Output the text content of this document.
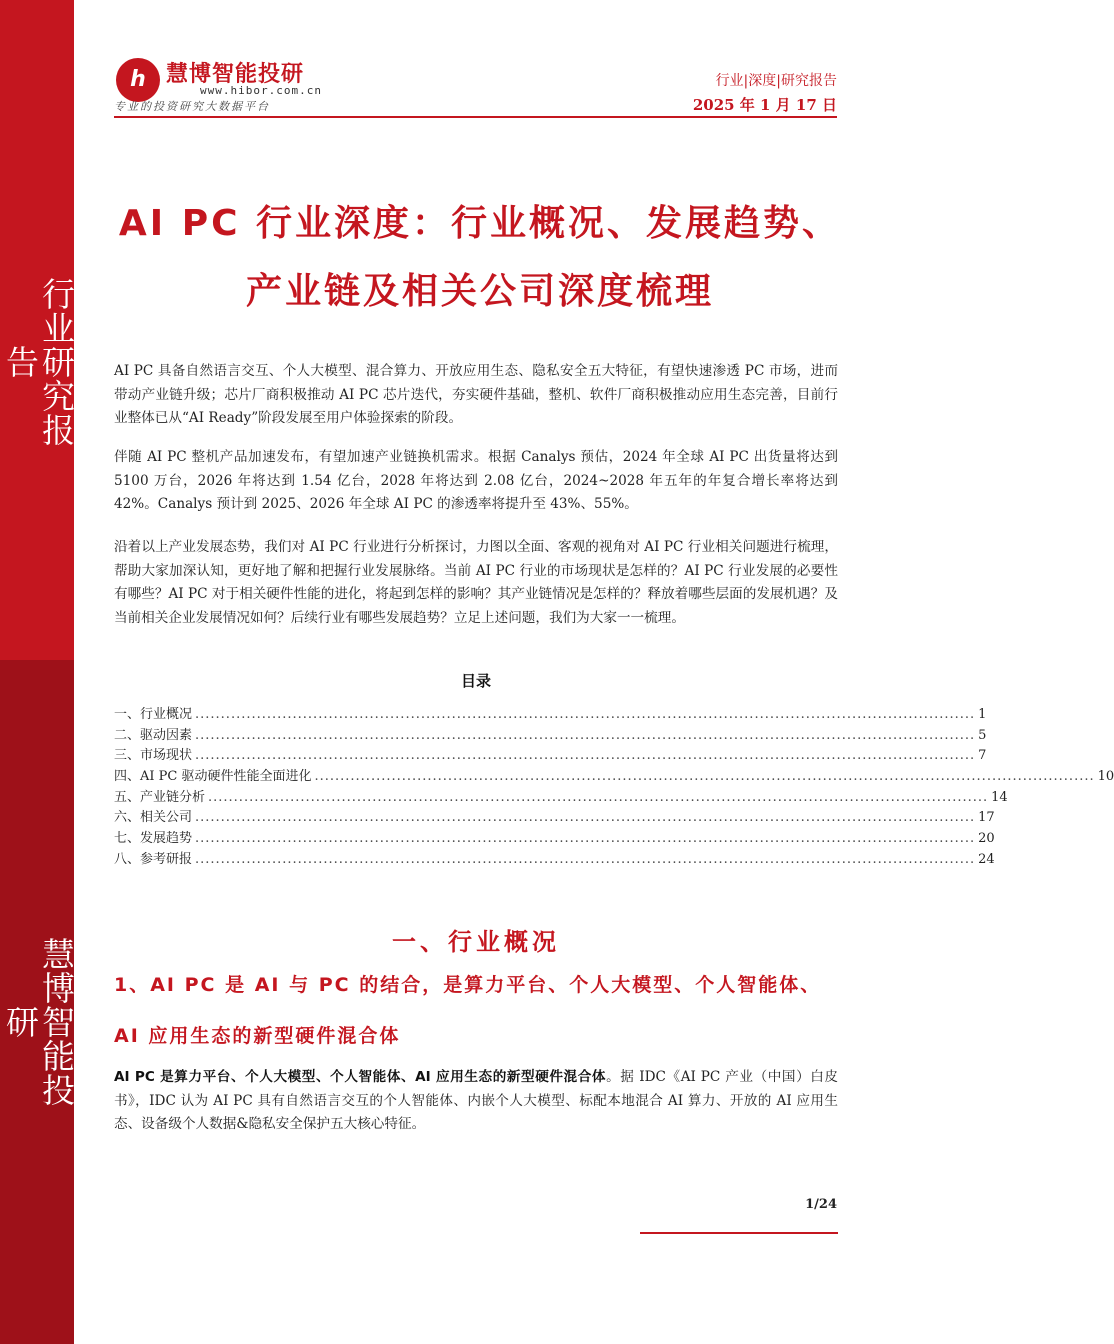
行业研究报告
慧博智能投研
h 慧博智能投研
www.hibor.com.cn
专业的投资研究大数据平台
行业|深度|研究报告
2025 年 1 月 17 日
AI PC 行业深度：行业概况、发展趋势、产业链及相关公司深度梳理

AI PC 具备自然语言交互、个人大模型、混合算力、开放应用生态、隐私安全五大特征，有望快速渗透 PC 市场，进而带动产业链升级；芯片厂商积极推动 AI PC 芯片迭代，夯实硬件基础，整机、软件厂商积极推动应用生态完善，目前行业整体已从“AI Ready”阶段发展至用户体验探索的阶段。

伴随 AI PC 整机产品加速发布，有望加速产业链换机需求。根据 Canalys 预估，2024 年全球 AI PC 出货量将达到 5100 万台，2026 年将达到 1.54 亿台，2028 年将达到 2.08 亿台，2024~2028 年五年的年复合增长率将达到 42%。Canalys 预计到 2025、2026 年全球 AI PC 的渗透率将提升至 43%、55%。

沿着以上产业发展态势，我们对 AI PC 行业进行分析探讨，力图以全面、客观的视角对 AI PC 行业相关问题进行梳理，帮助大家加深认知，更好地了解和把握行业发展脉络。当前 AI PC 行业的市场现状是怎样的？AI PC 行业发展的必要性有哪些？AI PC 对于相关硬件性能的进化，将起到怎样的影响？其产业链情况是怎样的？释放着哪些层面的发展机遇？及当前相关企业发展情况如何？后续行业有哪些发展趋势？立足上述问题，我们为大家一一梳理。

目录
一、行业概况 ........................................................................................................................................................ 1
二、驱动因素 ........................................................................................................................................................ 5
三、市场现状 ........................................................................................................................................................ 7
四、AI PC 驱动硬件性能全面进化 ........................................................................................................................................................ 10
五、产业链分析 ........................................................................................................................................................ 14
六、相关公司 ........................................................................................................................................................ 17
七、发展趋势 ........................................................................................................................................................ 20
八、参考研报 ........................................................................................................................................................ 24
一、行业概况
1、AI PC 是 AI 与 PC 的结合，是算力平台、个人大模型、个人智能体、AI 应用生态的新型硬件混合体

AI PC 是算力平台、个人大模型、个人智能体、AI 应用生态的新型硬件混合体。据 IDC《AI PC 产业（中国）白皮书》，IDC 认为 AI PC 具有自然语言交互的个人智能体、内嵌个人大模型、标配本地混合 AI 算力、开放的 AI 应用生态、设备级个人数据&隐私安全保护五大核心特征。

1/24
